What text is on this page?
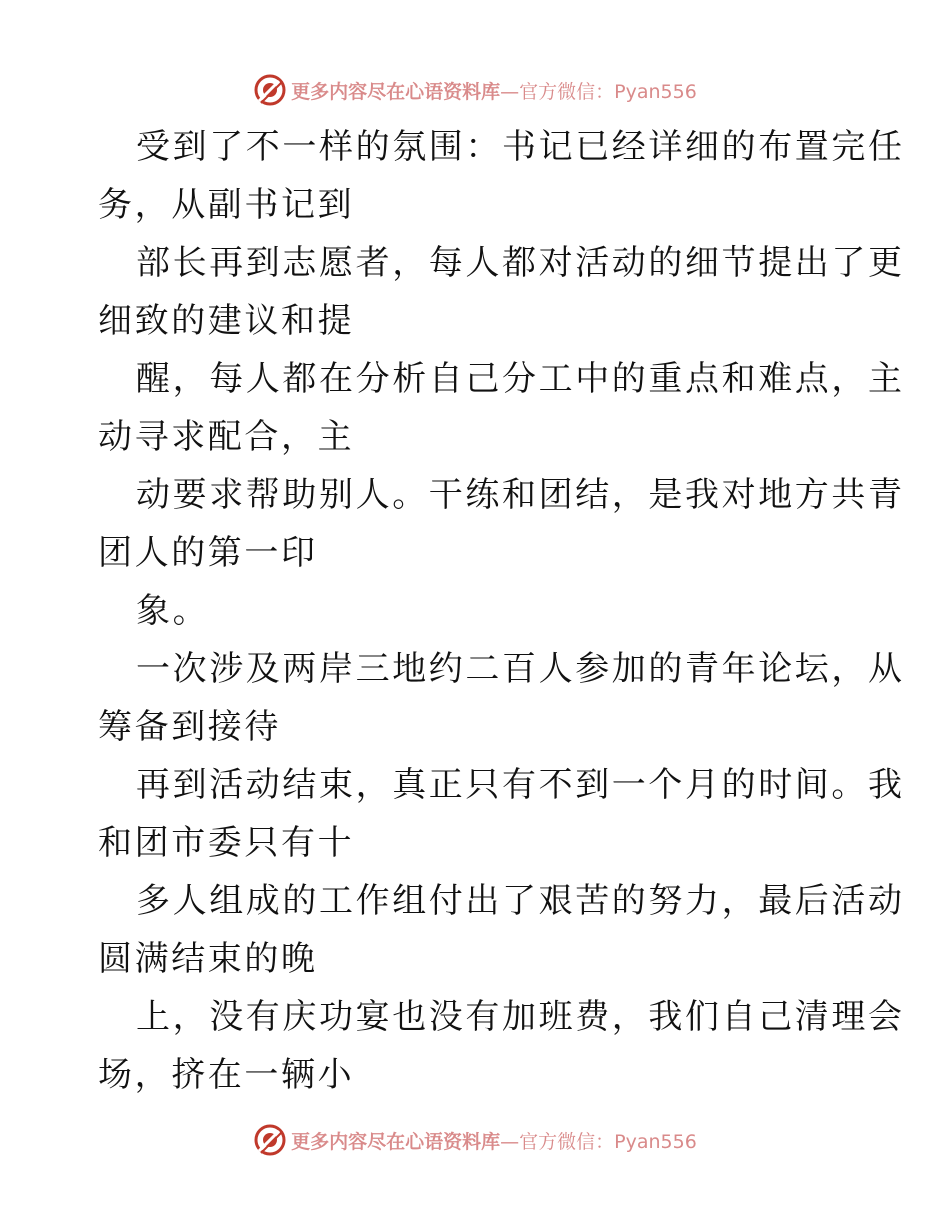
更多内容尽在心语资料库—官方微信：Pyan556
受到了不一样的氛围：书记已经详细的布置完任
务，从副书记到
部长再到志愿者，每人都对活动的细节提出了更
细致的建议和提
醒，每人都在分析自己分工中的重点和难点，主
动寻求配合，主
动要求帮助别人。干练和团结，是我对地方共青
团人的第一印
象。
一次涉及两岸三地约二百人参加的青年论坛，从
筹备到接待
再到活动结束，真正只有不到一个月的时间。我
和团市委只有十
多人组成的工作组付出了艰苦的努力，最后活动
圆满结束的晚
上，没有庆功宴也没有加班费，我们自己清理会
场，挤在一辆小
更多内容尽在心语资料库—官方微信：Pyan556
